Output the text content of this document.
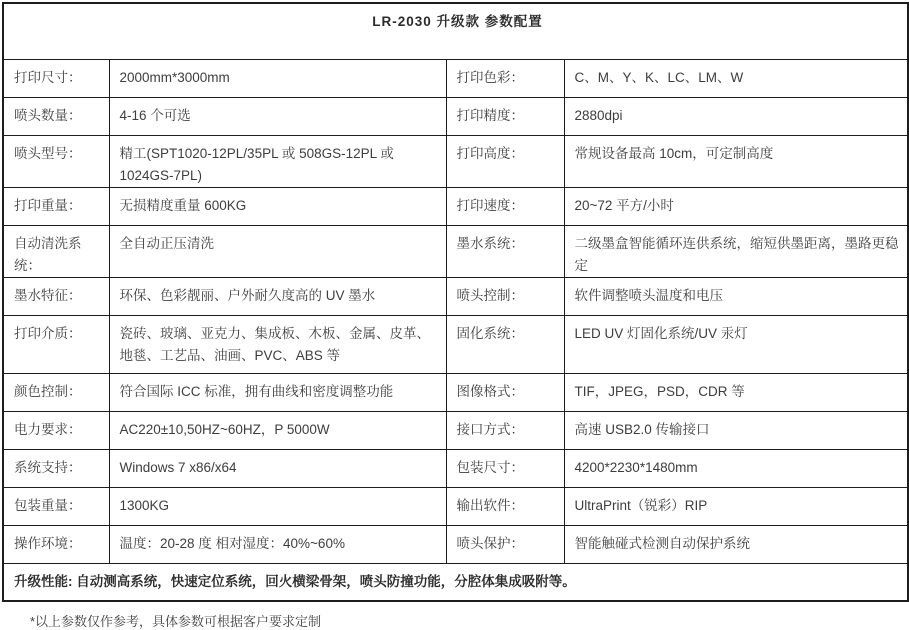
LR-2030 升级款 参数配置			
打印尺寸：	2000mm*3000mm	打印色彩：	C、M、Y、K、LC、LM、W
喷头数量：	4-16 个可选	打印精度：	2880dpi
喷头型号：	精工(SPT1020-12PL/35PL 或 508GS-12PL 或 1024GS-7PL)	打印高度：	常规设备最高 10cm，可定制高度
打印重量：	无损精度重量 600KG	打印速度：	20~72 平方/小时
自动清洗系统：	全自动正压清洗	墨水系统：	二级墨盒智能循环连供系统，缩短供墨距离，墨路更稳定
墨水特征：	环保、色彩靓丽、户外耐久度高的 UV 墨水	喷头控制：	软件调整喷头温度和电压
打印介质：	瓷砖、玻璃、亚克力、集成板、木板、金属、皮革、地毯、工艺品、油画、PVC、ABS 等	固化系统：	LED UV 灯固化系统/UV 汞灯
颜色控制：	符合国际 ICC 标准，拥有曲线和密度调整功能	图像格式：	TIF，JPEG，PSD，CDR 等
电力要求：	AC220±10,50HZ~60HZ，P 5000W	接口方式：	高速 USB2.0 传输接口
系统支持：	Windows 7 x86/x64	包装尺寸：	4200*2230*1480mm
包装重量：	1300KG	输出软件：	UltraPrint（锐彩）RIP
操作环境：	温度：20-28 度 相对湿度：40%~60%	喷头保护：	智能触碰式检测自动保护系统
升级性能: 自动测高系统，快速定位系统，回火横梁骨架，喷头防撞功能，分腔体集成吸附等。			
*以上参数仅作参考，具体参数可根据客户要求定制
